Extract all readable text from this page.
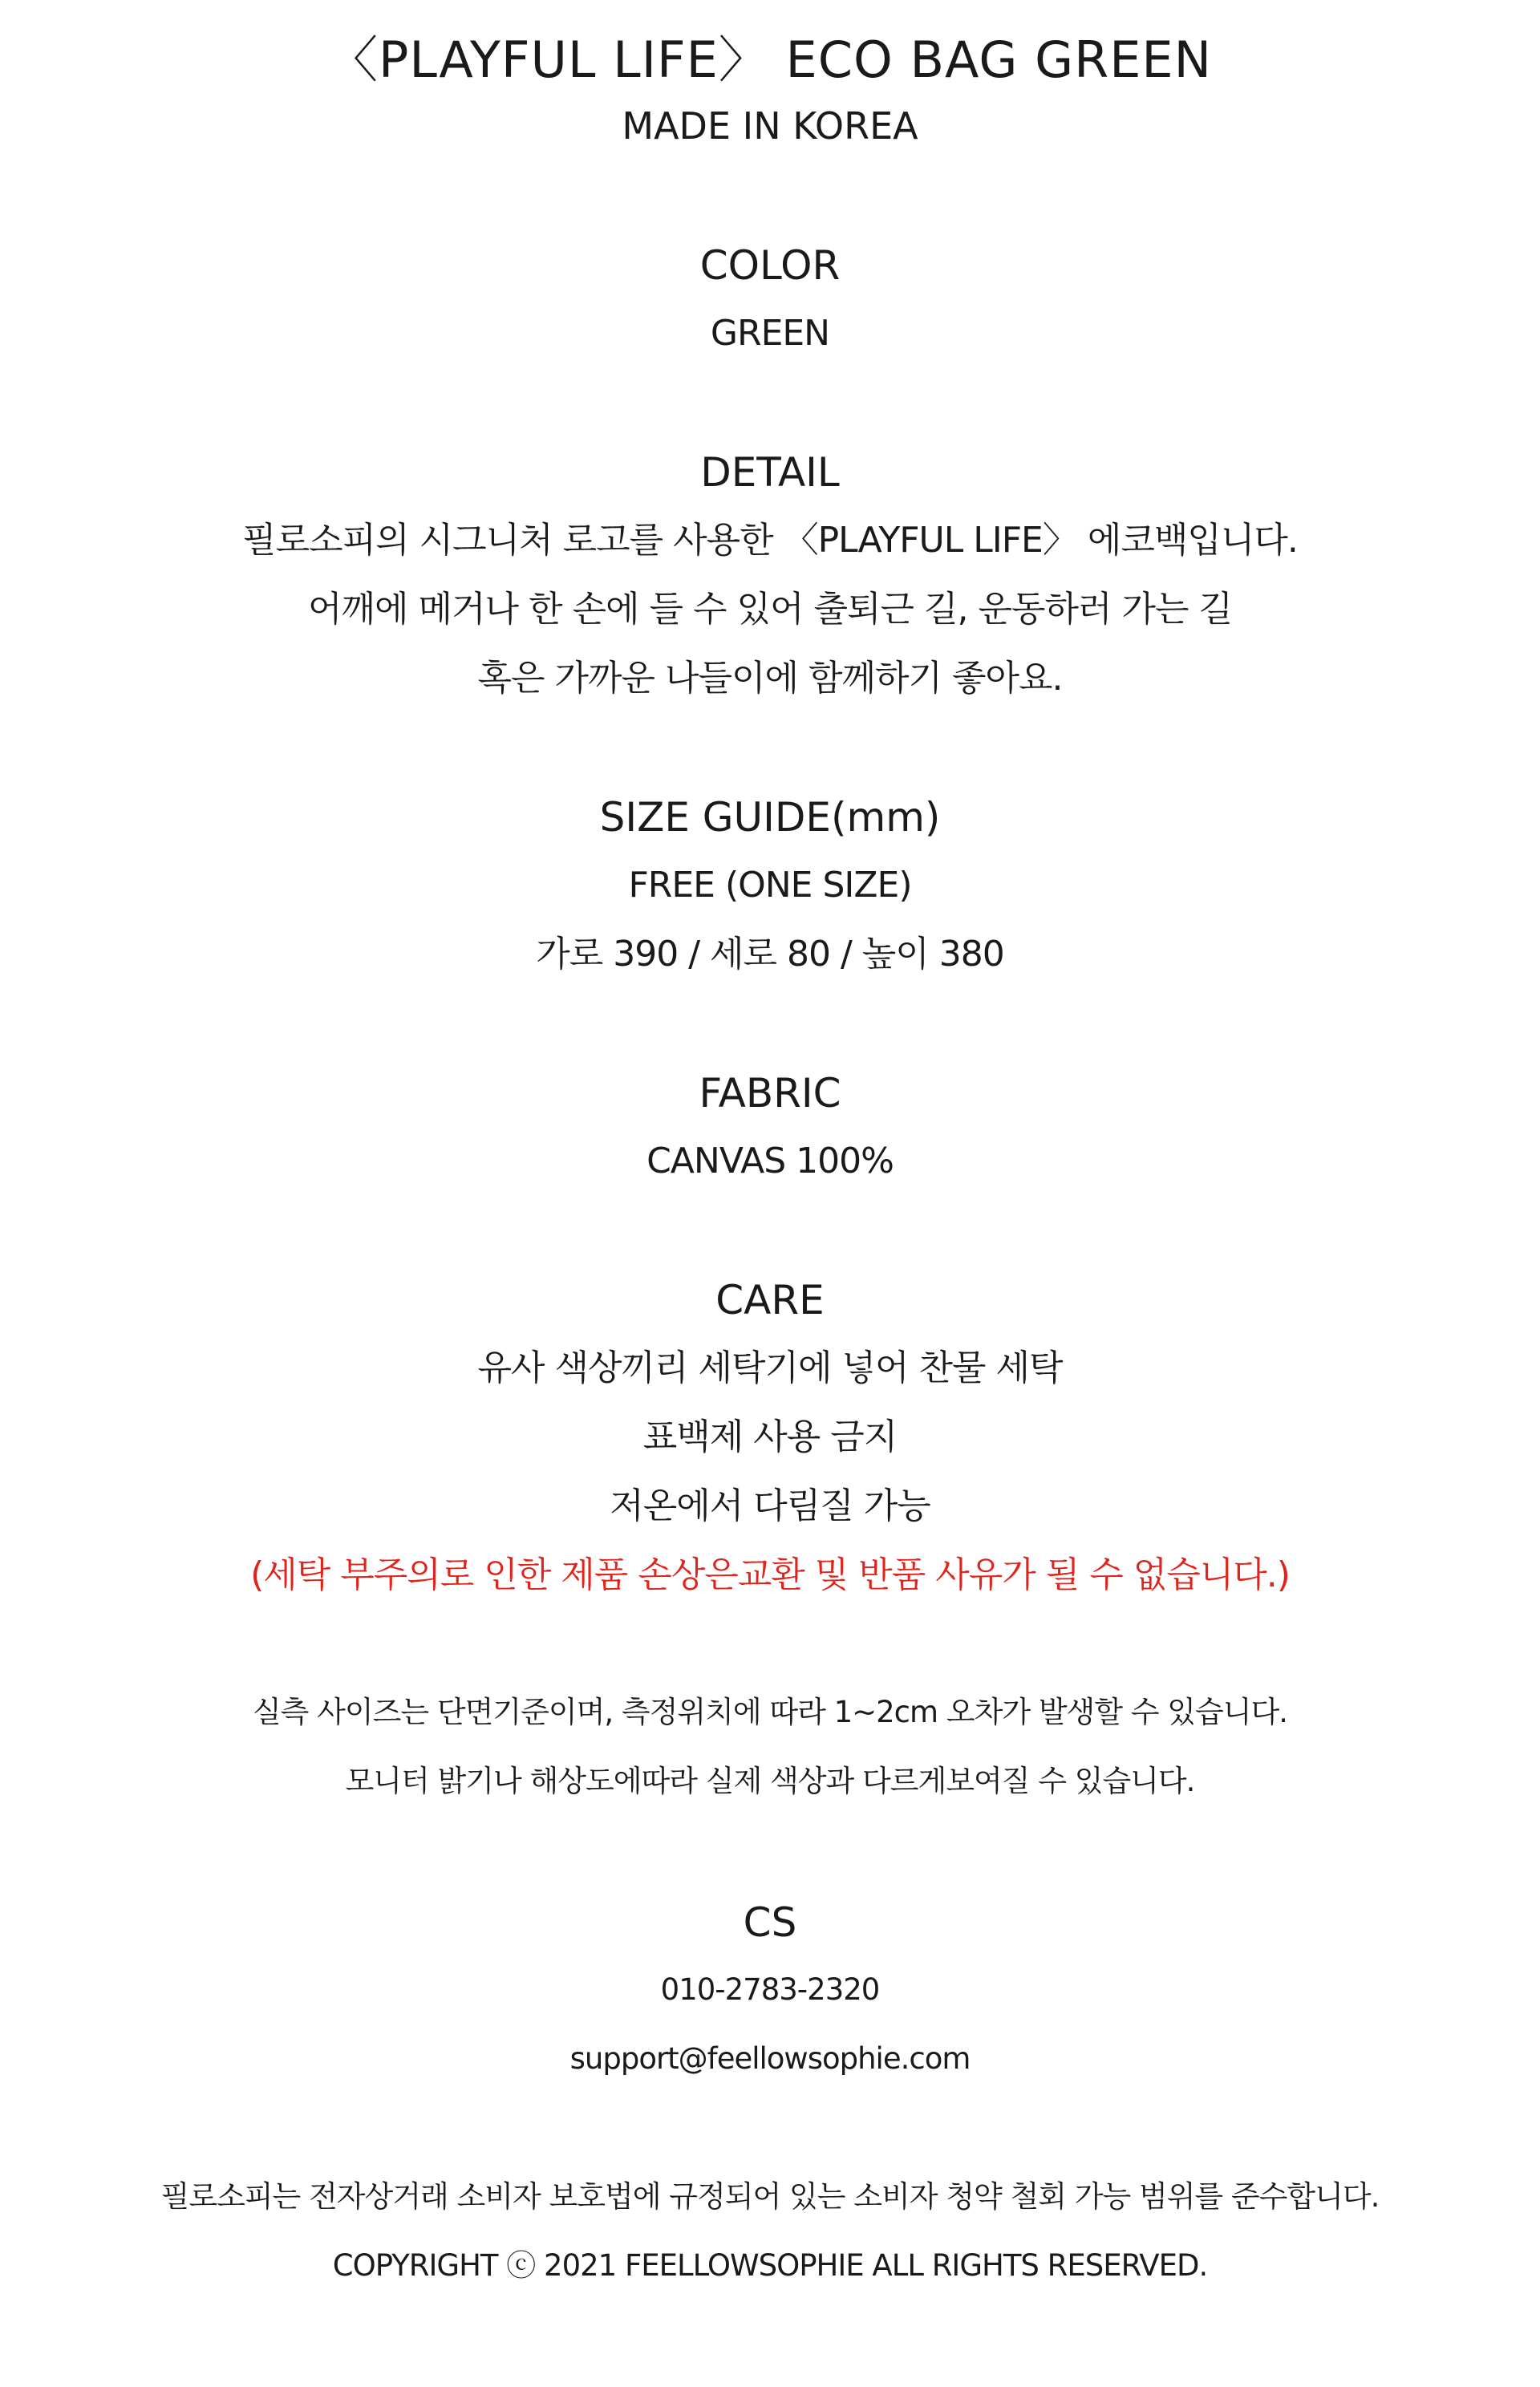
〈PLAYFUL LIFE〉 ECO BAG GREEN
MADE IN KOREA
COLOR
GREEN
DETAIL
필로소피의 시그니처 로고를 사용한 〈PLAYFUL LIFE〉 에코백입니다.
어깨에 메거나 한 손에 들 수 있어 출퇴근 길, 운동하러 가는 길
혹은 가까운 나들이에 함께하기 좋아요.
SIZE GUIDE(mm)
FREE (ONE SIZE)
가로 390 / 세로 80 / 높이 380
FABRIC
CANVAS 100%
CARE
유사 색상끼리 세탁기에 넣어 찬물 세탁
표백제 사용 금지
저온에서 다림질 가능
(세탁 부주의로 인한 제품 손상은교환 및 반품 사유가 될 수 없습니다.)
실측 사이즈는 단면기준이며, 측정위치에 따라 1~2cm 오차가 발생할 수 있습니다.
모니터 밝기나 해상도에따라 실제 색상과 다르게보여질 수 있습니다.
CS
010-2783-2320
support@feellowsophie.com
필로소피는 전자상거래 소비자 보호법에 규정되어 있는 소비자 청약 철회 가능 범위를 준수합니다.
COPYRIGHT ⓒ 2021 FEELLOWSOPHIE ALL RIGHTS RESERVED.
